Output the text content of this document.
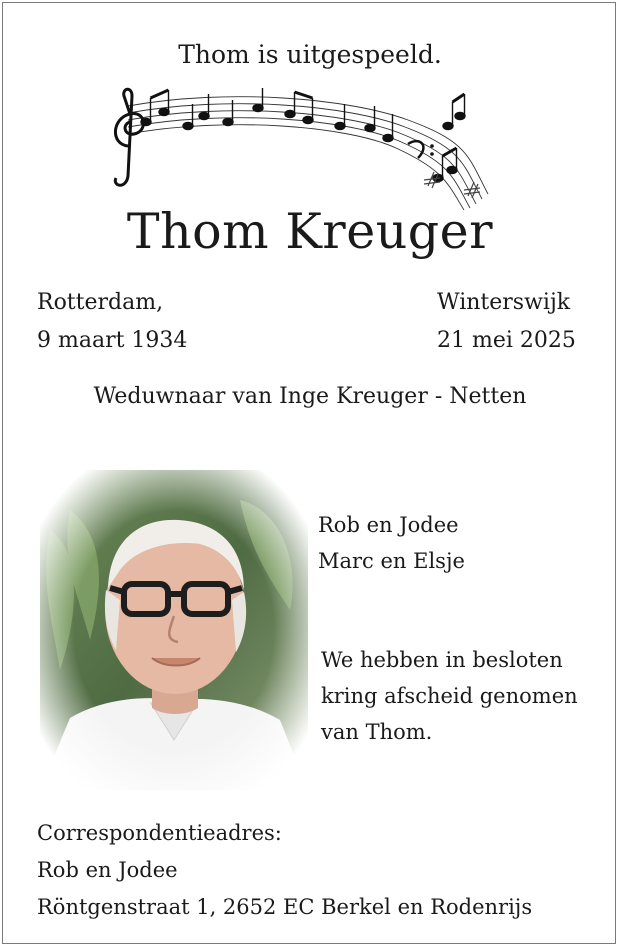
Thom is uitgespeeld.
Thom Kreuger
Rotterdam,
9 maart 1934
Winterswijk
21 mei 2025
Weduwnaar van Inge Kreuger - Netten
Rob en Jodee
Marc en Elsje
We hebben in besloten
kring afscheid genomen
van Thom.
Correspondentieadres:
Rob en Jodee
Röntgenstraat 1, 2652 EC Berkel en Rodenrijs
